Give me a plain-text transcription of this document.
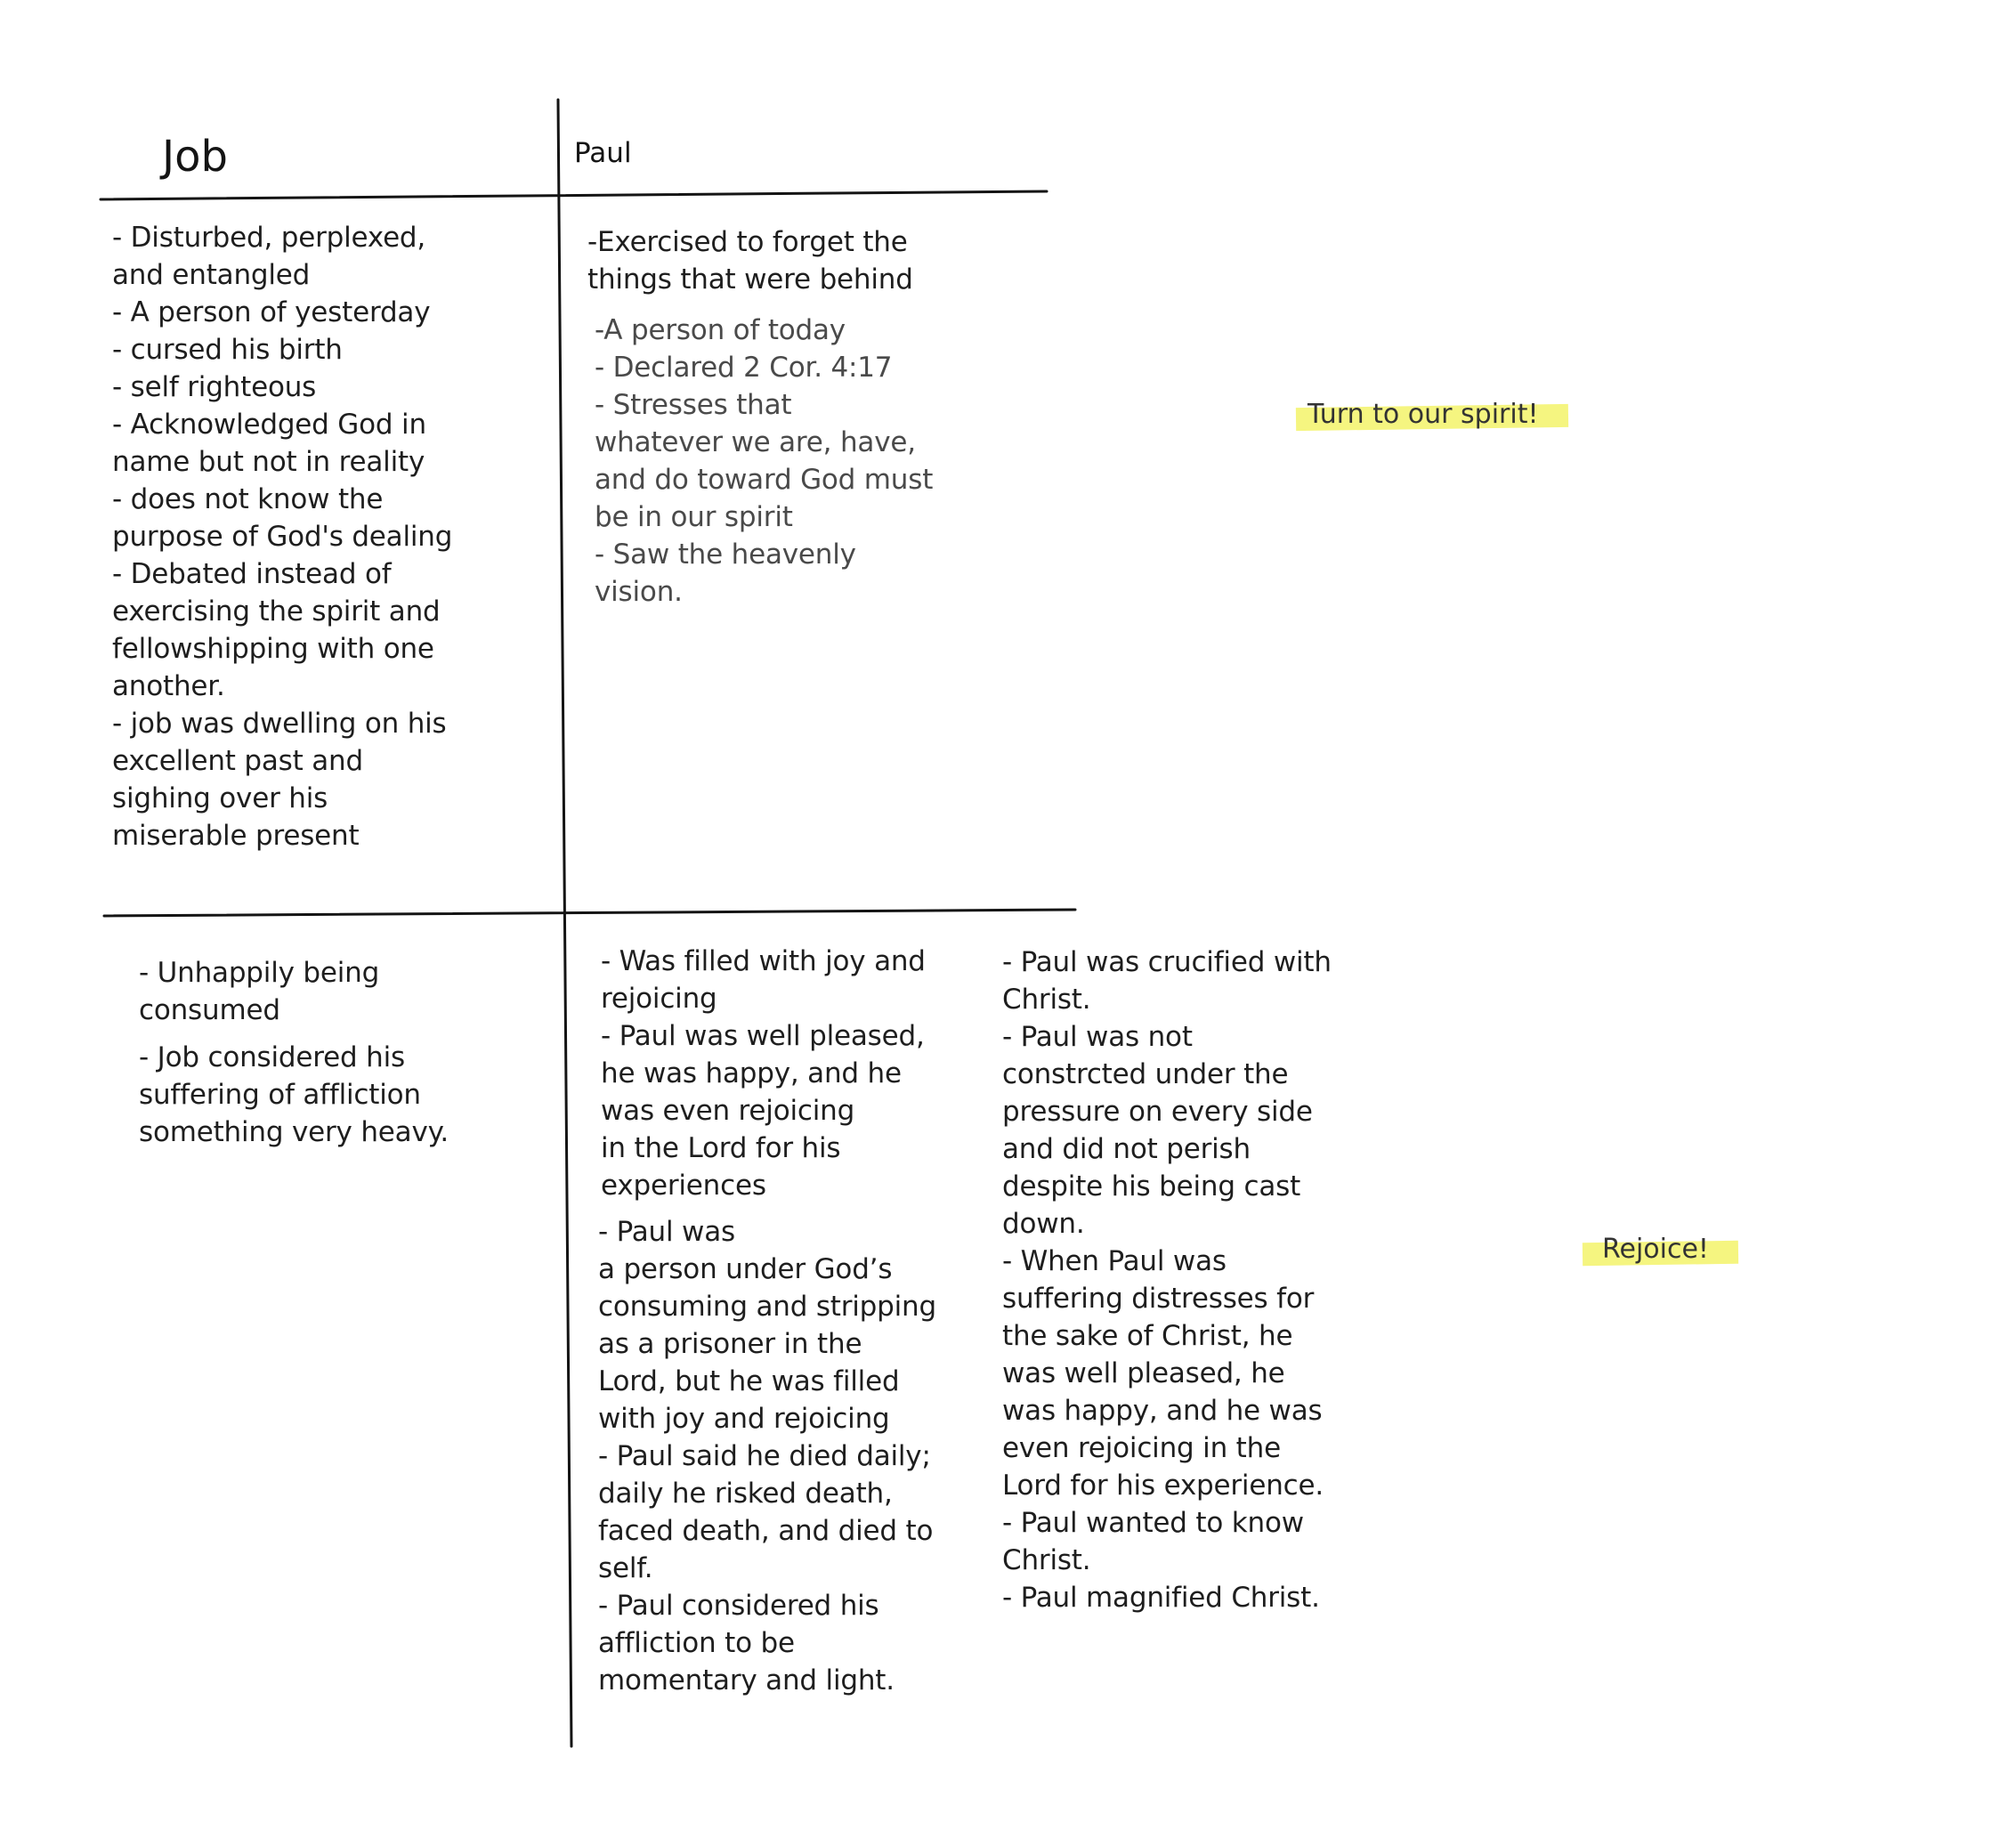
Job	Paul
- Disturbed, perplexed,
and entangled
- A person of yesterday
- cursed his birth
- self righteous
- Acknowledged God in
name but not in reality
- does not know the
purpose of God's dealing
- Debated instead of
exercising the spirit and
fellowshipping with one
another.
- job was dwelling on his
excellent past and
sighing over his
miserable present
-Exercised to forget the
things that were behind
-A person of today
- Declared 2 Cor. 4:17
- Stresses that
whatever we are, have,
and do toward God must
be in our spirit
- Saw the heavenly
vision.
- Unhappily being
consumed
- Job considered his
suffering of affliction
something very heavy.
- Was filled with joy and
rejoicing
- Paul was well pleased,
he was happy, and he
was even rejoicing
in the Lord for his
experiences
- Paul was
a person under God’s
consuming and stripping
as a prisoner in the
Lord, but he was filled
with joy and rejoicing
- Paul said he died daily;
daily he risked death,
faced death, and died to
self.
- Paul considered his
affliction to be
momentary and light.
- Paul was crucified with
Christ.
- Paul was not
constrcted under the
pressure on every side
and did not perish
despite his being cast
down.
- When Paul was
suffering distresses for
the sake of Christ, he
was well pleased, he
was happy, and he was
even rejoicing in the
Lord for his experience.
- Paul wanted to know
Christ.
- Paul magnified Christ.
Turn to our spirit!
Rejoice!
